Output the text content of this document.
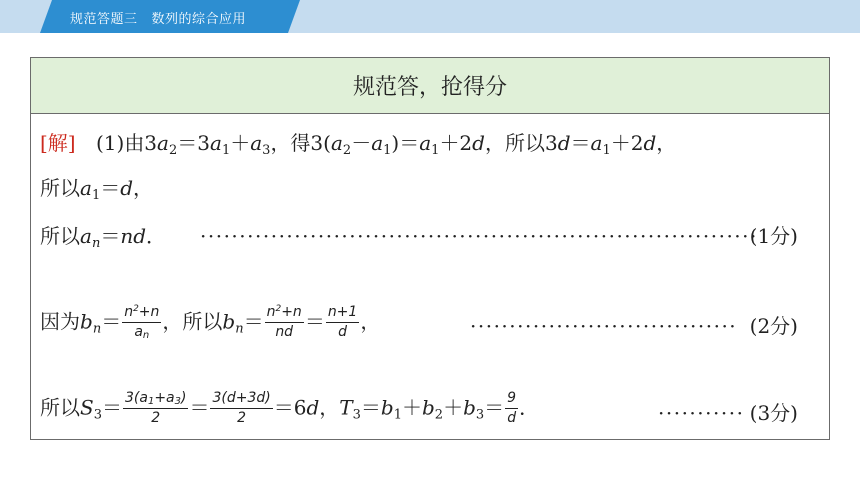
规范答题三 数列的综合应用
规范答，抢得分
[解] (1)由$3a_2=3a_1+a_3$，得$3(a_2-a_1)=a_1+2d$，所以$3d=a_1+2d$，
所以$a_1=d$，
所以$a_n=nd$． ·······································································
(1分)
因为$b_n= \frac{n^2+n}{a_n}$ ，所以$b_n= \frac{n^2+n}{nd} = \frac{n+1}{d}$ ，	·································· (2分)
所以$S_3= \frac{3(a_1+a_3)}{2} = \frac{3(d+3d)}{2} =6d$，$T_3=b_1+b_2+b_3= \frac{9}{d}$ ．	··········· (3分)
